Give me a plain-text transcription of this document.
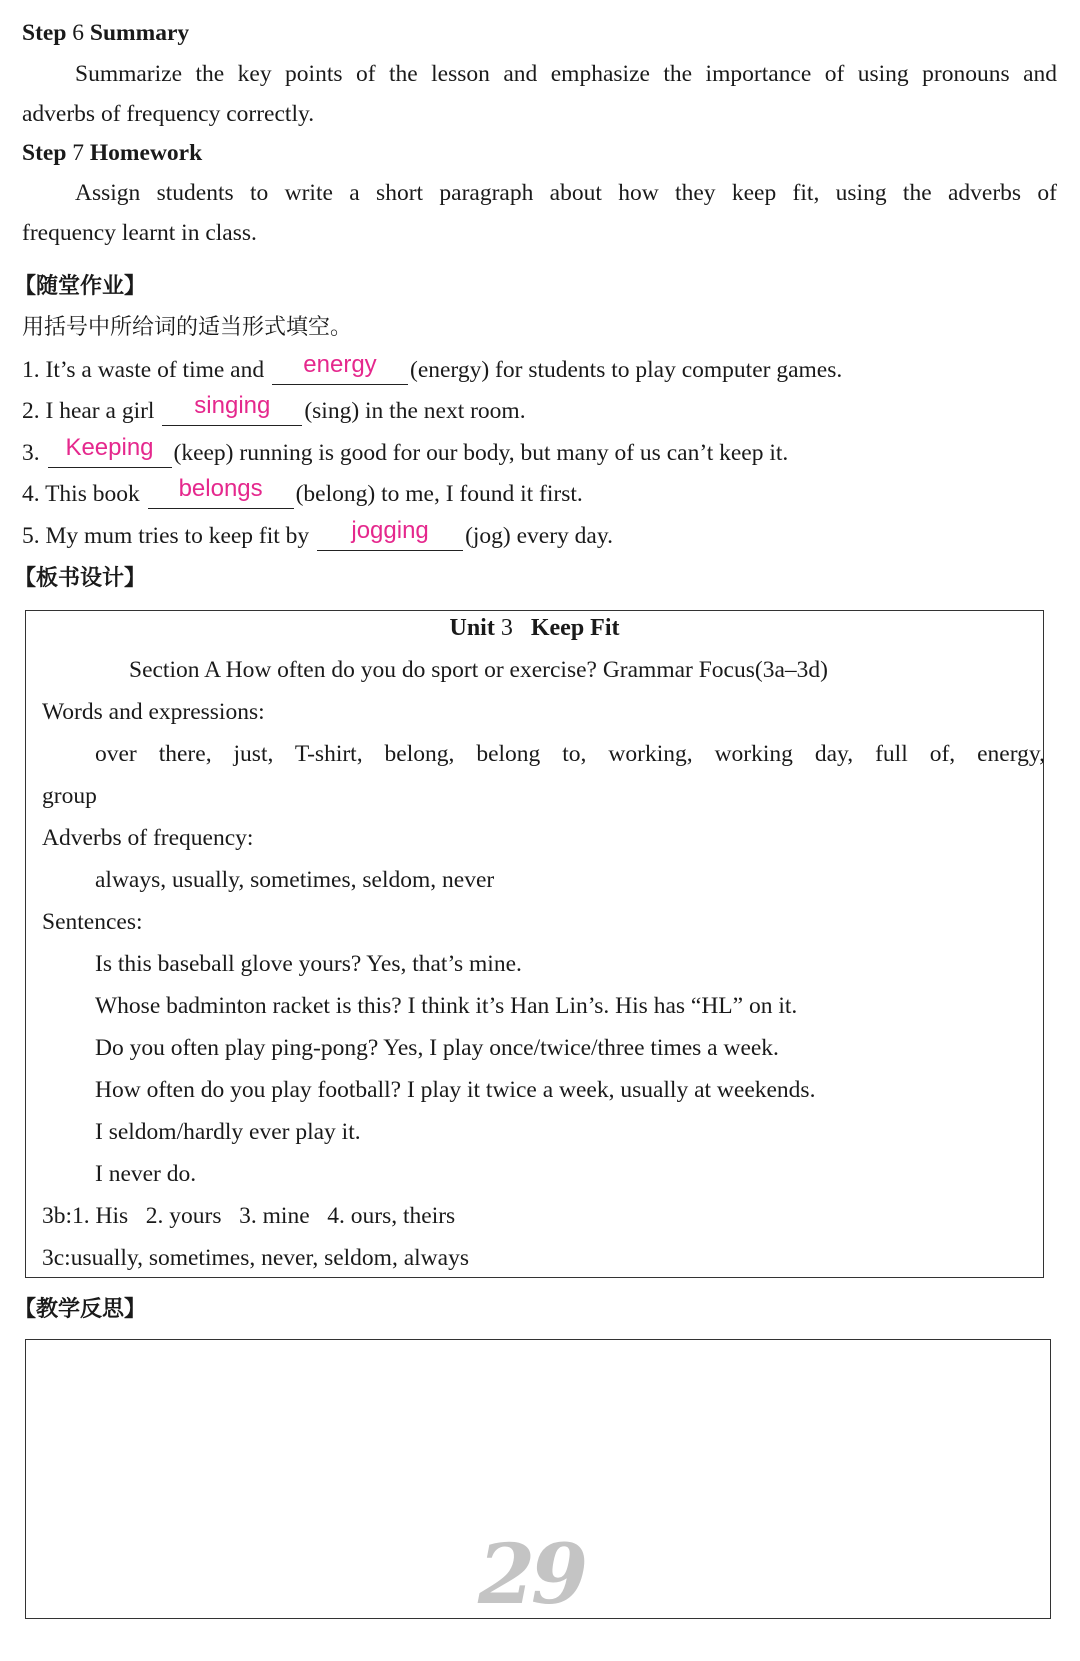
Step 6 Summary
Summarize the key points of the lesson and emphasize the importance of using pronouns and
adverbs of frequency correctly.
Step 7 Homework
Assign students to write a short paragraph about how they keep fit, using the adverbs of
frequency learnt in class.
【随堂作业】
用括号中所给词的适当形式填空。
1. It’s a waste of time and energy (energy) for students to play computer games.
2. I hear a girl singing (sing) in the next room.
3. Keeping (keep) running is good for our body, but many of us can’t keep it.
4. This book belongs (belong) to me, I found it first.
5. My mum tries to keep fit by jogging (jog) every day.
【板书设计】
Unit 3 Keep Fit
Section A How often do you do sport or exercise? Grammar Focus(3a–3d)
Words and expressions:
over there, just, T-shirt, belong, belong to, working, working day, full of, energy,
group
Adverbs of frequency:
always, usually, sometimes, seldom, never
Sentences:
Is this baseball glove yours? Yes, that’s mine.
Whose badminton racket is this? I think it’s Han Lin’s. His has “HL” on it.
Do you often play ping-pong? Yes, I play once/twice/three times a week.
How often do you play football? I play it twice a week, usually at weekends.
I seldom/hardly ever play it.
I never do.
3b:1. His   2. yours   3. mine   4. ours, theirs
3c:usually, sometimes, never, seldom, always
【教学反思】
29
